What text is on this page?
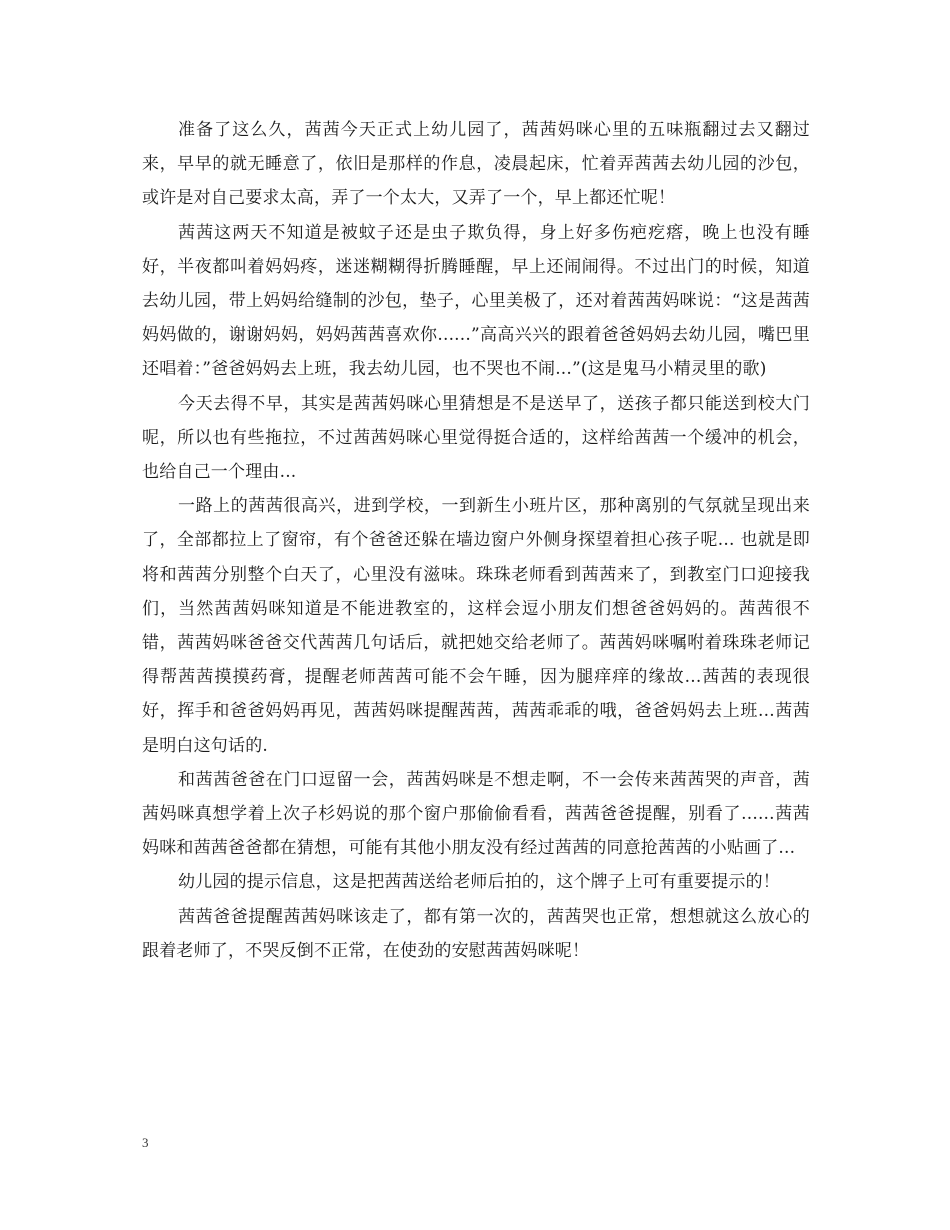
准备了这么久，茜茜今天正式上幼儿园了，茜茜妈咪心里的五味瓶翻过去又翻过来，早早的就无睡意了，依旧是那样的作息，凌晨起床，忙着弄茜茜去幼儿园的沙包，或许是对自己要求太高，弄了一个太大，又弄了一个，早上都还忙呢！

茜茜这两天不知道是被蚊子还是虫子欺负得，身上好多伤疤疙瘩，晚上也没有睡好，半夜都叫着妈妈疼，迷迷糊糊得折腾睡醒，早上还闹闹得。不过出门的时候，知道去幼儿园，带上妈妈给缝制的沙包，垫子，心里美极了，还对着茜茜妈咪说：“这是茜茜妈妈做的，谢谢妈妈，妈妈茜茜喜欢你......”高高兴兴的跟着爸爸妈妈去幼儿园，嘴巴里还唱着：”爸爸妈妈去上班，我去幼儿园，也不哭也不闹...”(这是鬼马小精灵里的歌)

今天去得不早，其实是茜茜妈咪心里猜想是不是送早了，送孩子都只能送到校大门呢，所以也有些拖拉，不过茜茜妈咪心里觉得挺合适的，这样给茜茜一个缓冲的机会，也给自己一个理由...

一路上的茜茜很高兴，进到学校，一到新生小班片区，那种离别的气氛就呈现出来了，全部都拉上了窗帘，有个爸爸还躲在墙边窗户外侧身探望着担心孩子呢... 也就是即将和茜茜分别整个白天了，心里没有滋味。珠珠老师看到茜茜来了，到教室门口迎接我们，当然茜茜妈咪知道是不能进教室的，这样会逗小朋友们想爸爸妈妈的。茜茜很不错，茜茜妈咪爸爸交代茜茜几句话后，就把她交给老师了。茜茜妈咪嘱咐着珠珠老师记得帮茜茜摸摸药膏，提醒老师茜茜可能不会午睡，因为腿痒痒的缘故...茜茜的表现很好，挥手和爸爸妈妈再见，茜茜妈咪提醒茜茜，茜茜乖乖的哦，爸爸妈妈去上班...茜茜是明白这句话的.

和茜茜爸爸在门口逗留一会，茜茜妈咪是不想走啊，不一会传来茜茜哭的声音，茜茜妈咪真想学着上次子杉妈说的那个窗户那偷偷看看，茜茜爸爸提醒，别看了......茜茜妈咪和茜茜爸爸都在猜想，可能有其他小朋友没有经过茜茜的同意抢茜茜的小贴画了...

幼儿园的提示信息，这是把茜茜送给老师后拍的，这个牌子上可有重要提示的！

茜茜爸爸提醒茜茜妈咪该走了，都有第一次的，茜茜哭也正常，想想就这么放心的跟着老师了，不哭反倒不正常，在使劲的安慰茜茜妈咪呢！

3
